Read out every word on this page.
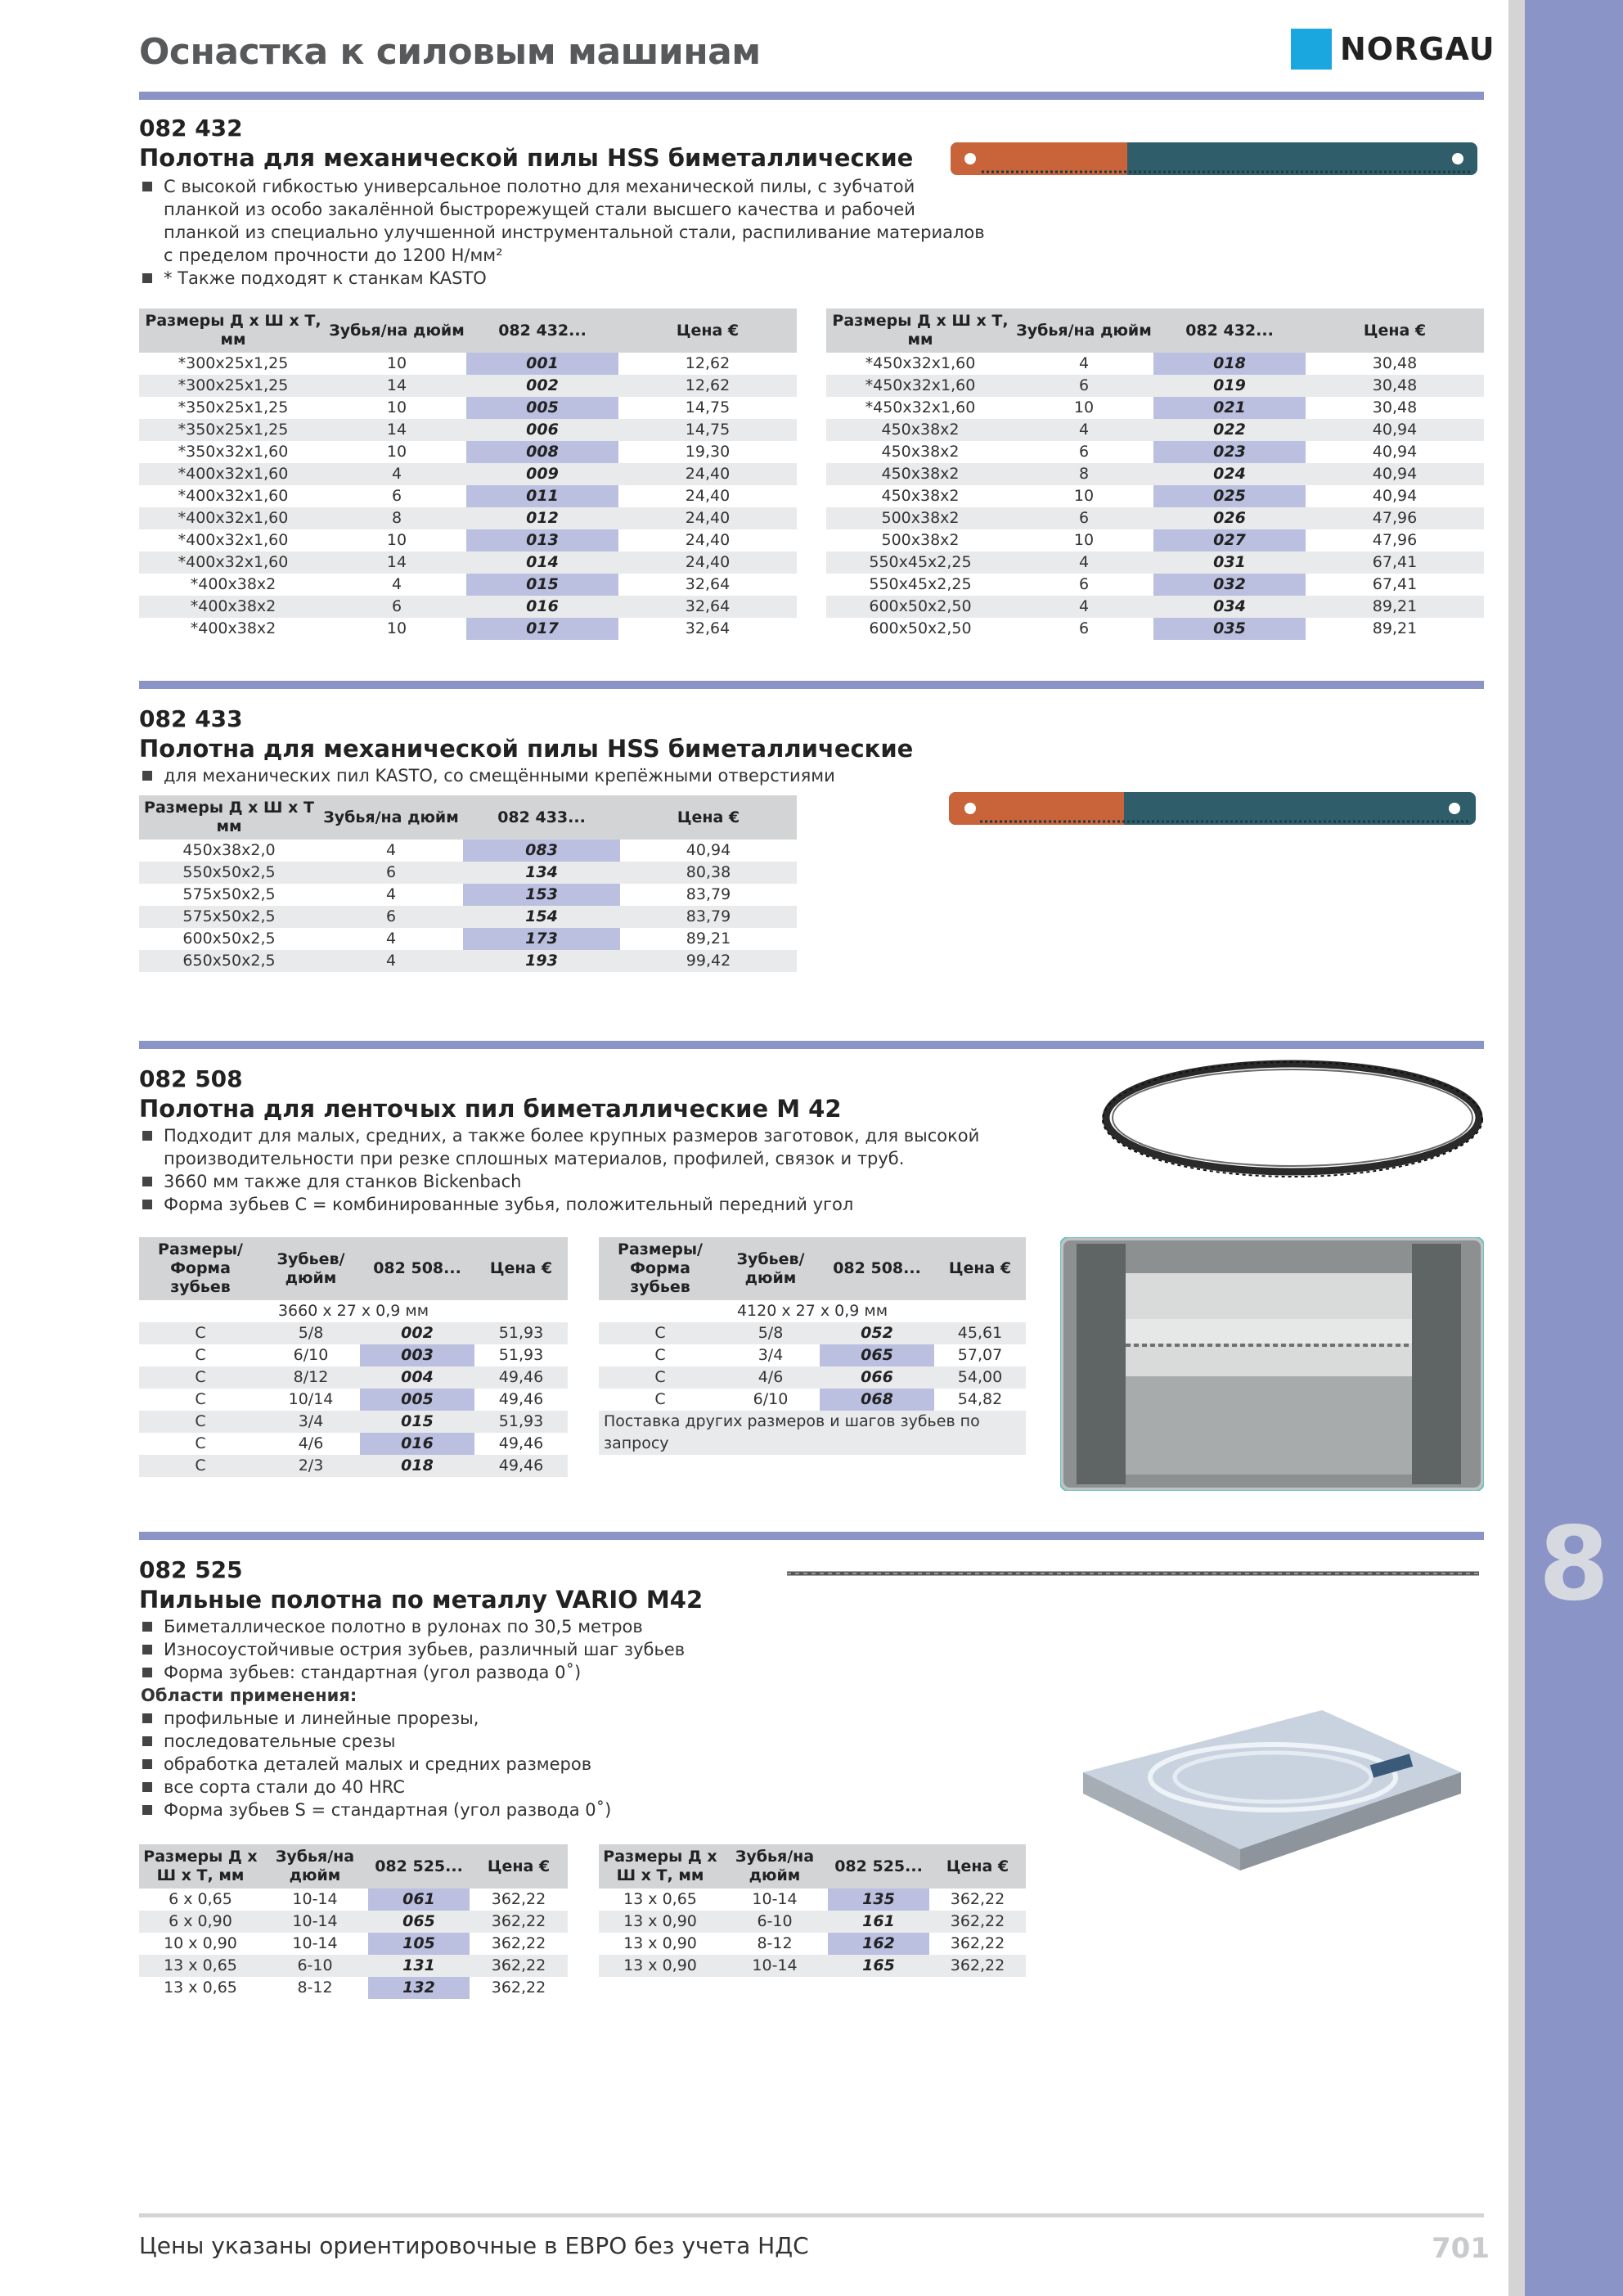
8
Оснастка к силовым машинам	NORGAU
082 432
Полотна для механической пилы HSS биметаллические
С высокой гибкостью универсальное полотно для механической пилы, с зубчатой
планкой из особо закалённой быстрорежущей стали высшего качества и рабочей
планкой из специально улучшенной инструментальной стали, распиливание материалов
с пределом прочности до 1200 Н/мм²
* Также подходят к станкам KASTO
Размеры Д х Ш х Т, мм	Зубья/на дюйм	082 432...	Цена €
*300x25x1,25	10	001	12,62
*300x25x1,25	14	002	12,62
*350x25x1,25	10	005	14,75
*350x25x1,25	14	006	14,75
*350x32x1,60	10	008	19,30
*400x32x1,60	4	009	24,40
*400x32x1,60	6	011	24,40
*400x32x1,60	8	012	24,40
*400x32x1,60	10	013	24,40
*400x32x1,60	14	014	24,40
*400x38x2	4	015	32,64
*400x38x2	6	016	32,64
*400x38x2	10	017	32,64
Размеры Д х Ш х Т, мм	Зубья/на дюйм	082 432...	Цена €
*450x32x1,60	4	018	30,48
*450x32x1,60	6	019	30,48
*450x32x1,60	10	021	30,48
450x38x2	4	022	40,94
450x38x2	6	023	40,94
450x38x2	8	024	40,94
450x38x2	10	025	40,94
500x38x2	6	026	47,96
500x38x2	10	027	47,96
550x45x2,25	4	031	67,41
550x45x2,25	6	032	67,41
600x50x2,50	4	034	89,21
600x50x2,50	6	035	89,21
082 433
Полотна для механической пилы HSS биметаллические
для механических пил KASTO, со смещёнными крепёжными отверстиями
Размеры Д х Ш х Т мм	Зубья/на дюйм	082 433...	Цена €
450x38x2,0	4	083	40,94
550x50x2,5	6	134	80,38
575x50x2,5	4	153	83,79
575x50x2,5	6	154	83,79
600x50x2,5	4	173	89,21
650x50x2,5	4	193	99,42
082 508
Полотна для ленточых пил биметаллические М 42
Подходит для малых, средних, а также более крупных размеров заготовок, для высокой
производительности при резке сплошных материалов, профилей, связок и труб.
3660 мм также для станков Bickenbach
Форма зубьев C = комбинированные зубья, положительный передний угол
Размеры/ Форма зубьев	Зубьев/ дюйм	082 508...	Цена €
3660 x 27 x 0,9 мм			
C	5/8	002	51,93
C	6/10	003	51,93
C	8/12	004	49,46
C	10/14	005	49,46
C	3/4	015	51,93
C	4/6	016	49,46
C	2/3	018	49,46
Размеры/ Форма зубьев	Зубьев/ дюйм	082 508...	Цена €
4120 x 27 x 0,9 мм			
C	5/8	052	45,61
C	3/4	065	57,07
C	4/6	066	54,00
C	6/10	068	54,82
Поставка других размеров и шагов зубьев по запросу			
082 525
Пильные полотна по металлу VARIO M42
Биметаллическое полотно в рулонах по 30,5 метров
Износоустойчивые острия зубьев, различный шаг зубьев
Форма зубьев: стандартная (угол развода 0˚)
Области применения:
профильные и линейные прорезы,
последовательные срезы
обработка деталей малых и средних размеров
все сорта стали до 40 HRC
Форма зубьев S = стандартная (угол развода 0˚)
Размеры Д х Ш х Т, мм	Зубья/на дюйм	082 525...	Цена €
6 x 0,65	10-14	061	362,22
6 x 0,90	10-14	065	362,22
10 x 0,90	10-14	105	362,22
13 x 0,65	6-10	131	362,22
13 x 0,65	8-12	132	362,22
Размеры Д х Ш х Т, мм	Зубья/на дюйм	082 525...	Цена €
13 x 0,65	10-14	135	362,22
13 x 0,90	6-10	161	362,22
13 x 0,90	8-12	162	362,22
13 x 0,90	10-14	165	362,22
Цены указаны ориентировочные в ЕВРО без учета НДС	701
